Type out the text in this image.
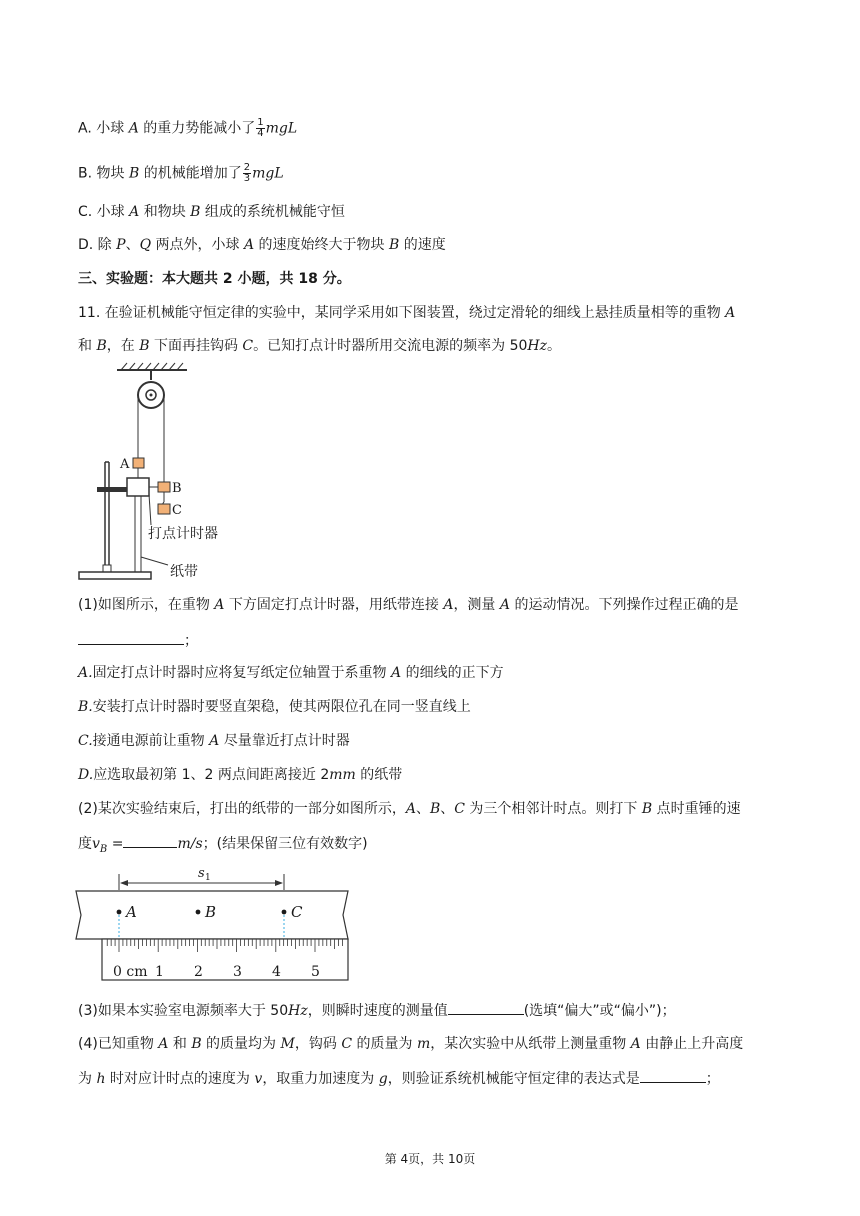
A. 小球 A 的重力势能减小了 $\frac{1}{4}$ mgL
B. 物块 B 的机械能增加了 $\frac{2}{3}$ mgL
C. 小球 A 和物块 B 组成的系统机械能守恒
D. 除 P、Q 两点外，小球 A 的速度始终大于物块 B 的速度
三、实验题：本大题共 2 小题，共 18 分。
11. 在验证机械能守恒定律的实验中，某同学采用如下图装置，绕过定滑轮的细线上悬挂质量相等的重物 A
和 B，在 B 下面再挂钩码 C。已知打点计时器所用交流电源的频率为 50Hz。
A
B
C
打点计时器
纸带
(1)如图所示，在重物 A 下方固定打点计时器，用纸带连接 A，测量 A 的运动情况。下列操作过程正确的是
；
A.固定打点计时器时应将复写纸定位轴置于系重物 A 的细线的正下方
B.安装打点计时器时要竖直架稳，使其两限位孔在同一竖直线上
C.接通电源前让重物 A 尽量靠近打点计时器
D.应选取最初第 1、2 两点间距离接近 2mm 的纸带
(2)某次实验结束后，打出的纸带的一部分如图所示，A、B、C 为三个相邻计时点。则打下 B 点时重锤的速
度$v_B$ =	m/s；(结果保留三位有效数字)
s 1
A	B	C
0 cm 1 2 3 4 5
(3)如果本实验室电源频率大于 50Hz，则瞬时速度的测量值	(选填“偏大”或“偏小”)；
(4)已知重物 A 和 B 的质量均为 M，钩码 C 的质量为 m，某次实验中从纸带上测量重物 A 由静止上升高度
为 h 时对应计时点的速度为 v，取重力加速度为 g，则验证系统机械能守恒定律的表达式是	；
第 4页，共 10页
